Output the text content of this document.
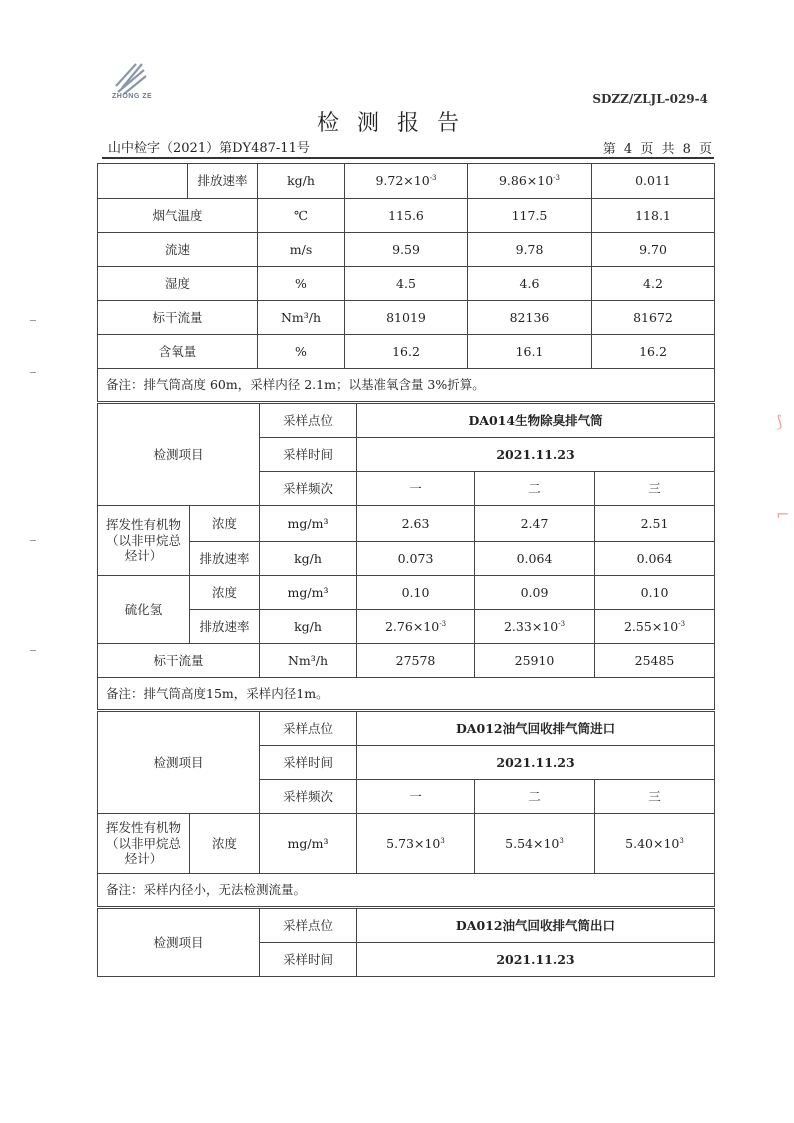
ZHONG ZE	SDZZ/ZLJL-029-4
检测报告
山中检字（2021）第DY487-11号	第 4 页 共 8 页
⟆
⌐
	排放速率	kg/h	$9.72\times 10^{-3}$	$9.86\times 10^{-3}$	0.011
烟气温度		℃	115.6	117.5	118.1
流速		m/s	9.59	9.78	9.70
湿度		%	4.5	4.6	4.2
标干流量		Nm³/h	81019	82136	81672
含氧量		%	16.2	16.1	16.2
备注：排气筒高度 60m，采样内径 2.1m；以基准氧含量 3%折算。					
检测项目		采样点位	DA014生物除臭排气筒		
		采样时间	2021.11.23		
		采样频次	一	二	三
挥发性有机物（以非甲烷总烃计）	浓度	mg/m³	2.63	2.47	2.51
	排放速率	kg/h	0.073	0.064	0.064
硫化氢	浓度	mg/m³	0.10	0.09	0.10
	排放速率	kg/h	$2.76\times 10^{-3}$	$2.33\times 10^{-3}$	$2.55\times 10^{-3}$
标干流量		Nm³/h	27578	25910	25485
备注：排气筒高度15m，采样内径1m。					
检测项目		采样点位	DA012油气回收排气筒进口		
		采样时间	2021.11.23		
		采样频次	一	二	三
挥发性有机物（以非甲烷总烃计）	浓度	mg/m³	$5.73\times 10^3$	$5.54\times 10^3$	$5.40\times 10^3$
备注：采样内径小，无法检测流量。					
检测项目	采样点位	DA012油气回收排气筒出口
	采样时间	2021.11.23
